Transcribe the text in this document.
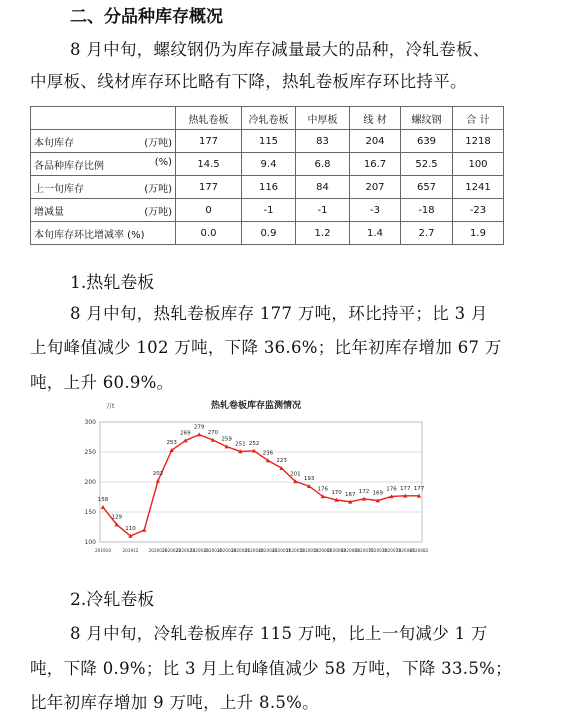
二、分品种库存概况
8 月中旬，螺纹钢仍为库存减量最大的品种，冷轧卷板、
中厚板、线材库存环比略有下降，热轧卷板库存环比持平。
	热轧卷板	冷轧卷板	中厚板	线 材	螺纹钢	合 计

本旬库存 (万吨)	177	115	83	204	639	1218

各品种库存比例 (%)	14.5	9.4	6.8	16.7	52.5	100

上一旬库存 (万吨)	177	116	84	207	657	1241

增减量 (万吨)	0	-1	-1	-3	-18	-23

本旬库存环比增减率 (%)	0.0	0.9	1.2	1.4	2.7	1.9
1.热轧卷板
8 月中旬，热轧卷板库存 177 万吨，环比持平；比 3 月
上旬峰值减少 102 万吨，下降 36.6%；比年初库存增加 67 万
吨，上升 60.9%。
热轧卷板库存监测情况
万t
100
150
200
250
300
201910	201912 2020021
20200Z2
20200Z3
2020031
2020032
2020033
2020041
2020042
2020043
2020051
2020052
2020053
2020061
2020062
2020063
2020071
2020072
2020073
2020081
2020082
158
129
110
202
253
269
279
270
259
251 252
236
223
201
193
176
170 167 172 169
176 177 177
2.冷轧卷板
8 月中旬，冷轧卷板库存 115 万吨，比上一旬减少 1 万
吨，下降 0.9%；比 3 月上旬峰值减少 58 万吨，下降 33.5%；
比年初库存增加 9 万吨，上升 8.5%。
